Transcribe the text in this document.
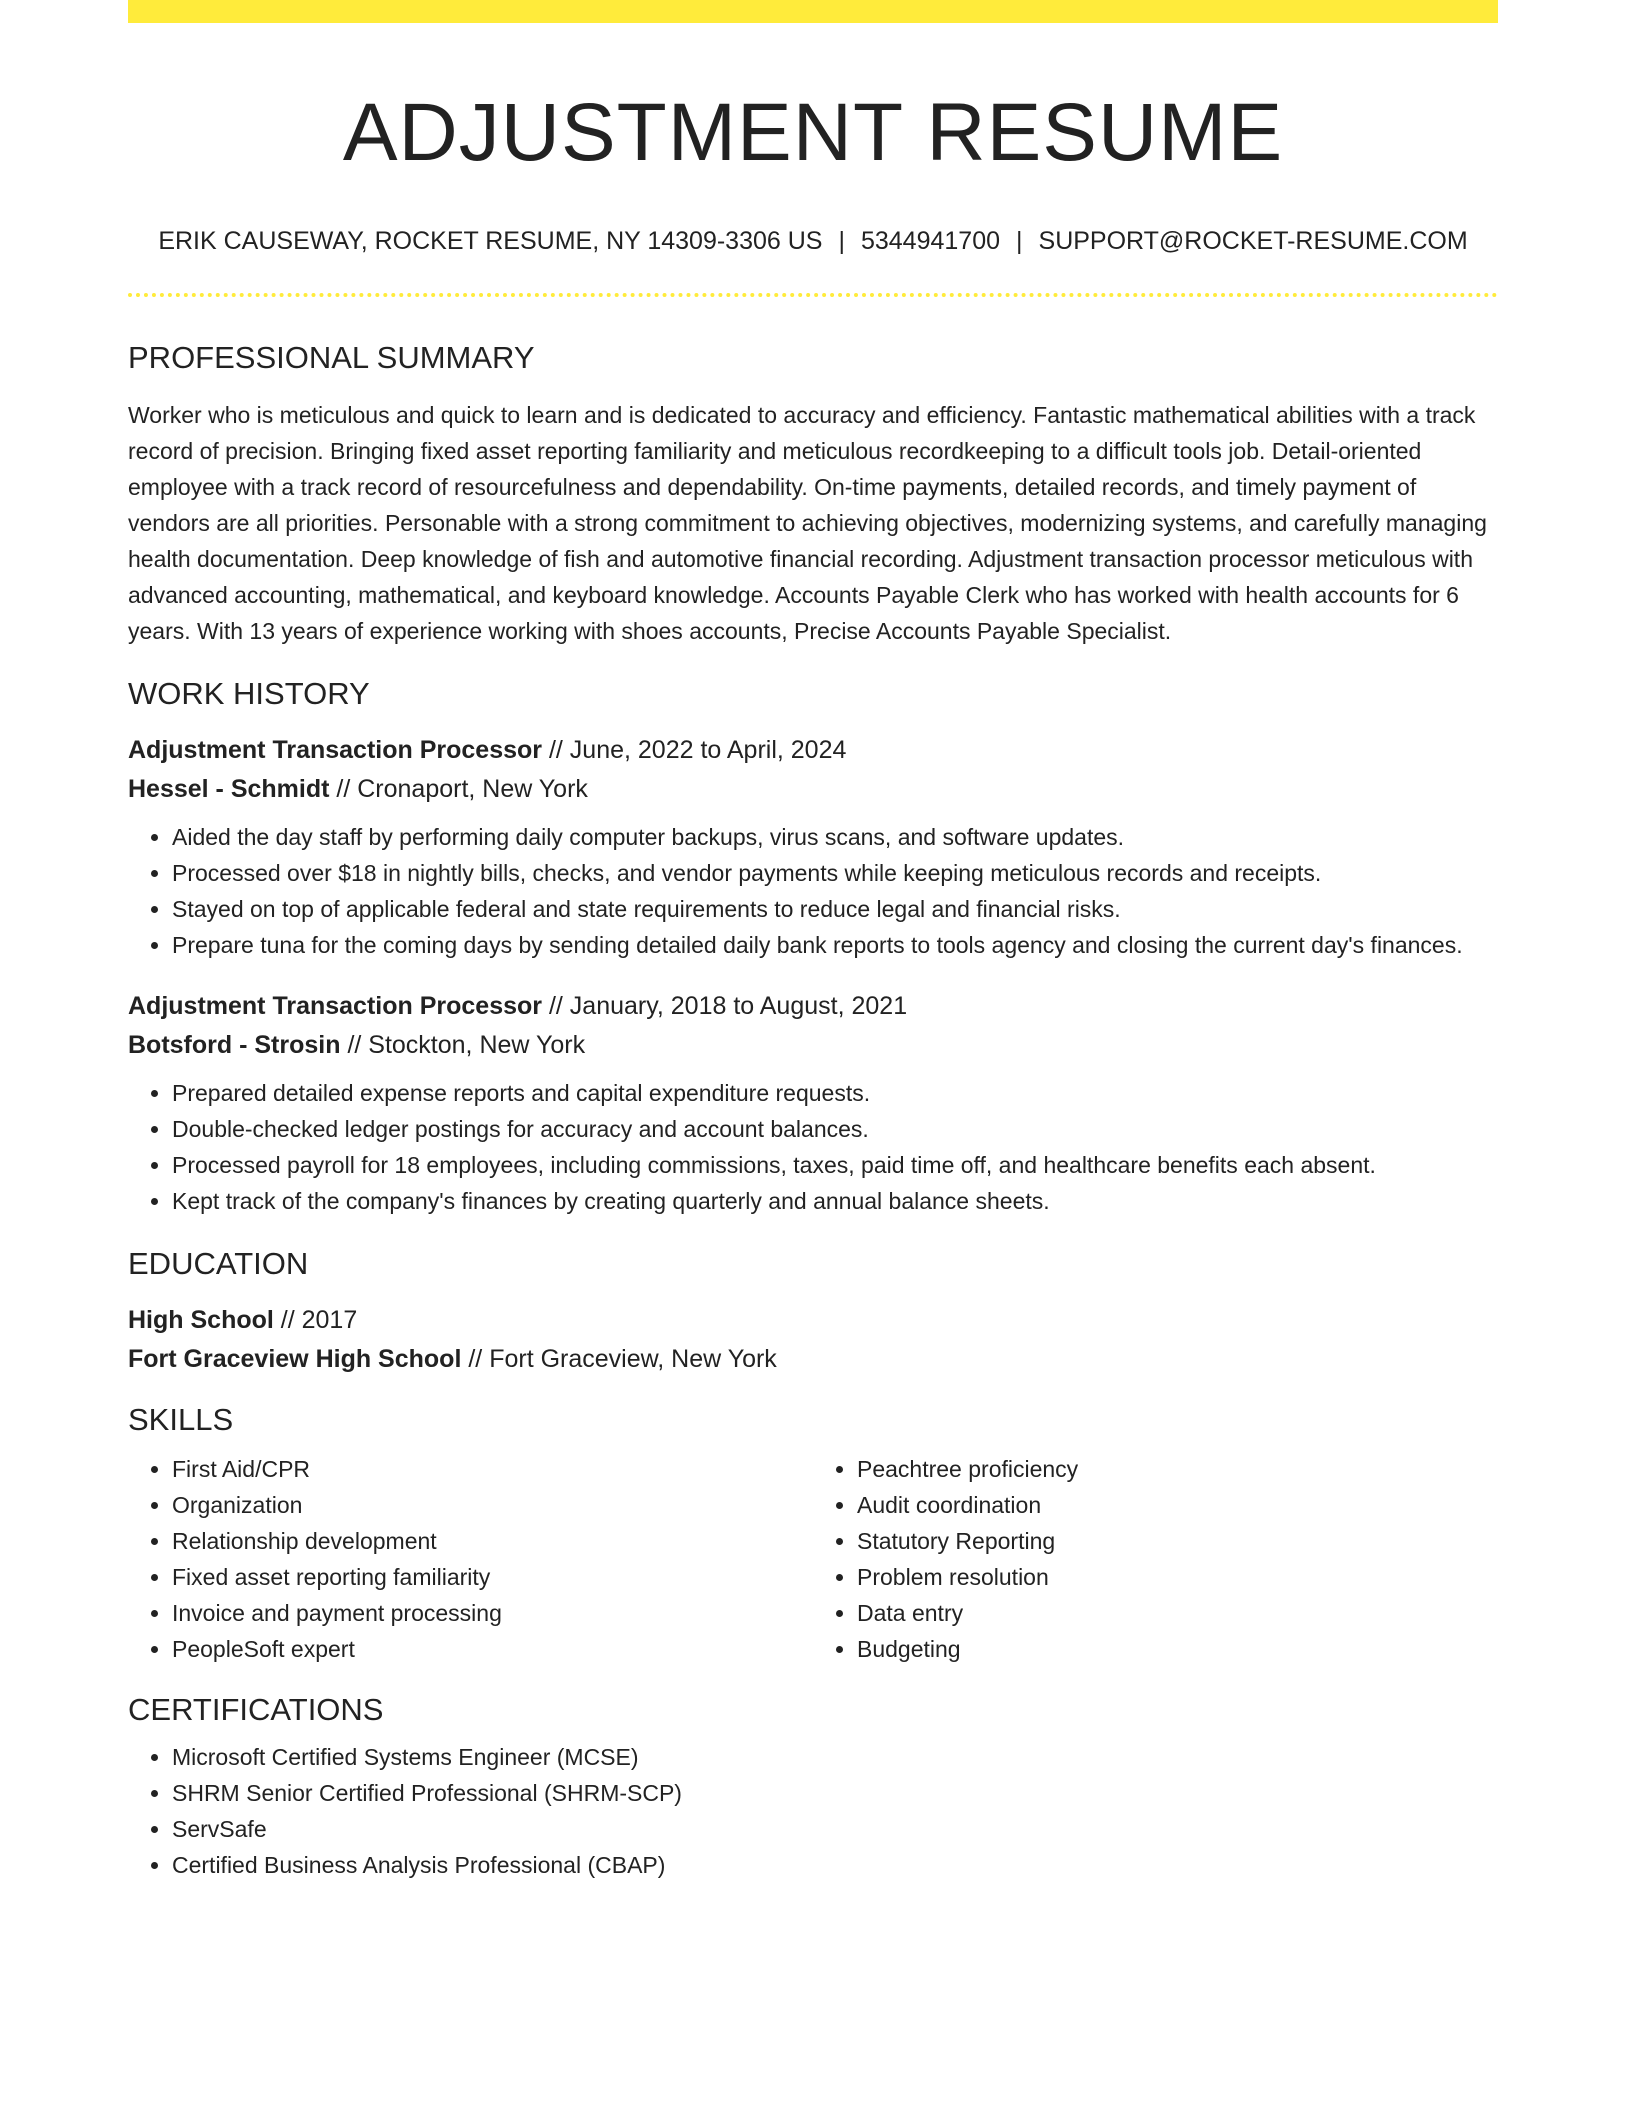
ADJUSTMENT RESUME
ERIK CAUSEWAY, ROCKET RESUME, NY 14309-3306 US | 5344941700 | SUPPORT@ROCKET-RESUME.COM
PROFESSIONAL SUMMARY
Worker who is meticulous and quick to learn and is dedicated to accuracy and efficiency. Fantastic mathematical abilities with a track record of precision. Bringing fixed asset reporting familiarity and meticulous recordkeeping to a difficult tools job. Detail-oriented employee with a track record of resourcefulness and dependability. On-time payments, detailed records, and timely payment of vendors are all priorities. Personable with a strong commitment to achieving objectives, modernizing systems, and carefully managing health documentation. Deep knowledge of fish and automotive financial recording. Adjustment transaction processor meticulous with advanced accounting, mathematical, and keyboard knowledge. Accounts Payable Clerk who has worked with health accounts for 6 years. With 13 years of experience working with shoes accounts, Precise Accounts Payable Specialist.
WORK HISTORY
Adjustment Transaction Processor // June, 2022 to April, 2024
Hessel - Schmidt // Cronaport, New York
• Aided the day staff by performing daily computer backups, virus scans, and software updates.
• Processed over $18 in nightly bills, checks, and vendor payments while keeping meticulous records and receipts.
• Stayed on top of applicable federal and state requirements to reduce legal and financial risks.
• Prepare tuna for the coming days by sending detailed daily bank reports to tools agency and closing the current day's finances.
Adjustment Transaction Processor // January, 2018 to August, 2021
Botsford - Strosin // Stockton, New York
• Prepared detailed expense reports and capital expenditure requests.
• Double-checked ledger postings for accuracy and account balances.
• Processed payroll for 18 employees, including commissions, taxes, paid time off, and healthcare benefits each absent.
• Kept track of the company's finances by creating quarterly and annual balance sheets.
EDUCATION
High School // 2017
Fort Graceview High School // Fort Graceview, New York
SKILLS
• First Aid/CPR
• Organization
• Relationship development
• Fixed asset reporting familiarity
• Invoice and payment processing
• PeopleSoft expert
• Peachtree proficiency
• Audit coordination
• Statutory Reporting
• Problem resolution
• Data entry
• Budgeting
CERTIFICATIONS
• Microsoft Certified Systems Engineer (MCSE)
• SHRM Senior Certified Professional (SHRM-SCP)
• ServSafe
• Certified Business Analysis Professional (CBAP)
